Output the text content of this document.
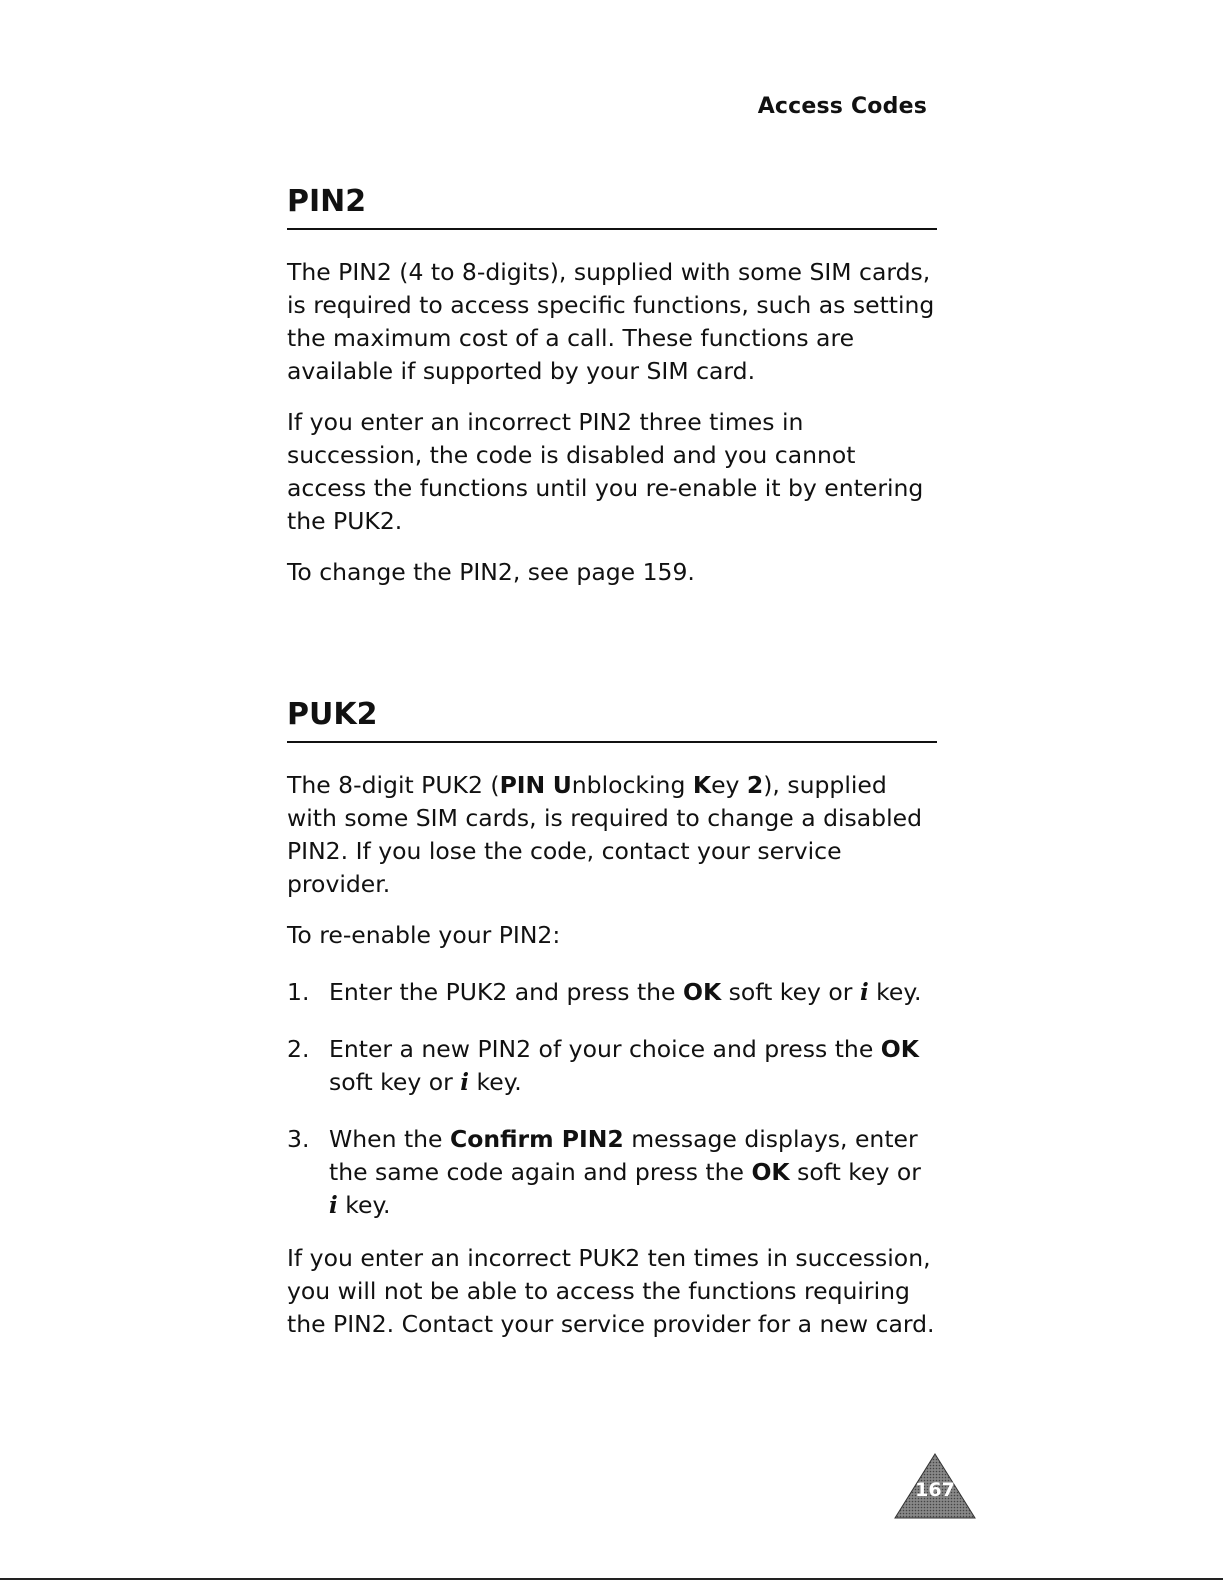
Access Codes
PIN2

The PIN2 (4 to 8-digits), supplied with some SIM cards, is required to access specific functions, such as setting the maximum cost of a call. These functions are available if supported by your SIM card.

If you enter an incorrect PIN2 three times in succession, the code is disabled and you cannot access the functions until you re-enable it by entering the PUK2.

To change the PIN2, see page 159.

PUK2

The 8-digit PUK2 (PIN Unblocking Key 2), supplied with some SIM cards, is required to change a disabled PIN2. If you lose the code, contact your service provider.

To re-enable your PIN2:

1. Enter the PUK2 and press the OK soft key or i key.
2. Enter a new PIN2 of your choice and press the OK soft key or i key.
3. When the Confirm PIN2 message displays, enter the same code again and press the OK soft key or i key.

If you enter an incorrect PUK2 ten times in succession, you will not be able to access the functions requiring the PIN2. Contact your service provider for a new card.

167
